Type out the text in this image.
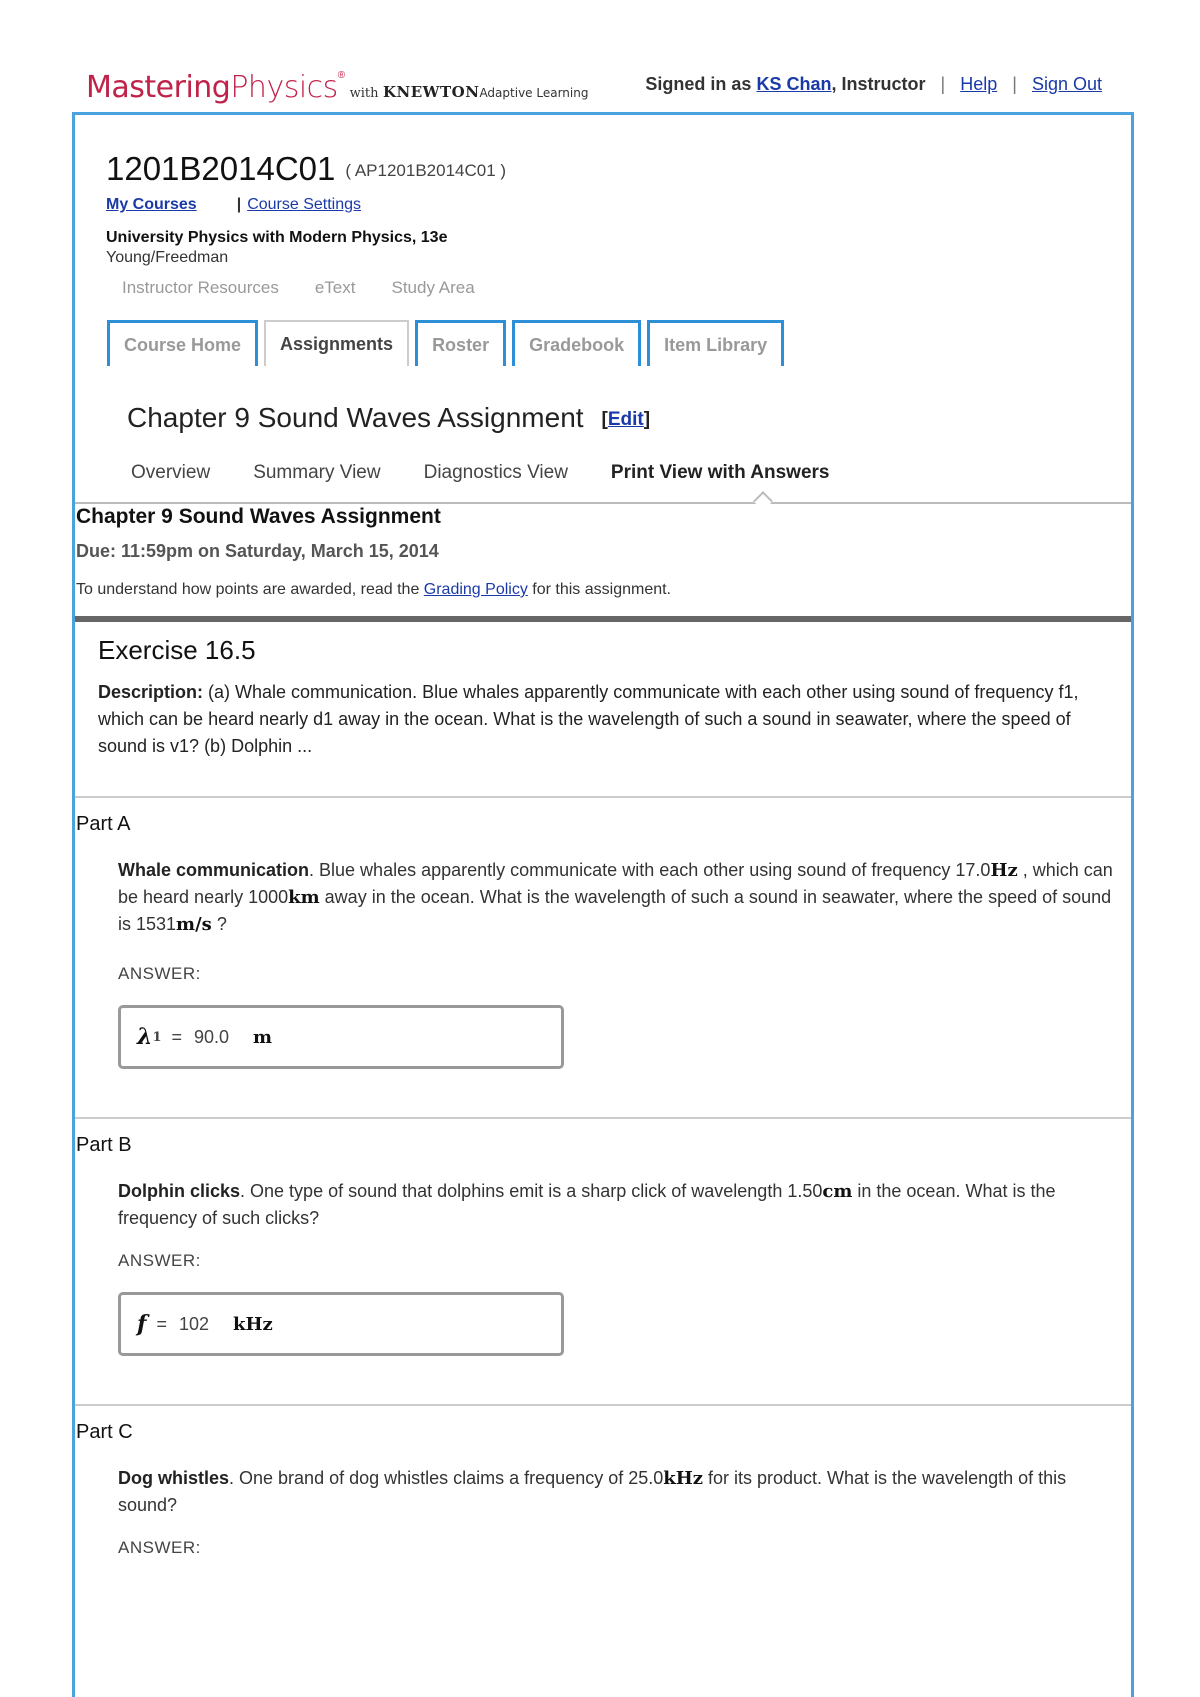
MasteringPhysics® with KNEWTONAdaptive Learning	Signed in as KS Chan, Instructor | Help | Sign Out
1201B2014C01 ( AP1201B2014C01 )
My Courses	| Course Settings
University Physics with Modern Physics, 13e
Young/Freedman
Instructor Resources eText Study Area
Course Home	Assignments	Roster	Gradebook	Item Library
Chapter 9 Sound Waves Assignment [Edit]
Overview Summary View Diagnostics View Print View with Answers
Chapter 9 Sound Waves Assignment
Due: 11:59pm on Saturday, March 15, 2014
To understand how points are awarded, read the Grading Policy for this assignment.
Exercise 16.5
Description: (a) Whale communication. Blue whales apparently communicate with each other using sound of frequency f1, which can be heard nearly d1 away in the ocean. What is the wavelength of such a sound in seawater, where the speed of sound is v1? (b) Dolphin ...
Part A
Whale communication. Blue whales apparently communicate with each other using sound of frequency 17.0Hz , which can be heard nearly 1000km away in the ocean. What is the wavelength of such a sound in seawater, where the speed of sound is 1531m/s ?
ANSWER:
λ 1 = 90.0 m
Part B
Dolphin clicks. One type of sound that dolphins emit is a sharp click of wavelength 1.50cm in the ocean. What is the frequency of such clicks?
ANSWER:
f = 102 kHz
Part C
Dog whistles. One brand of dog whistles claims a frequency of 25.0kHz for its product. What is the wavelength of this sound?
ANSWER:
